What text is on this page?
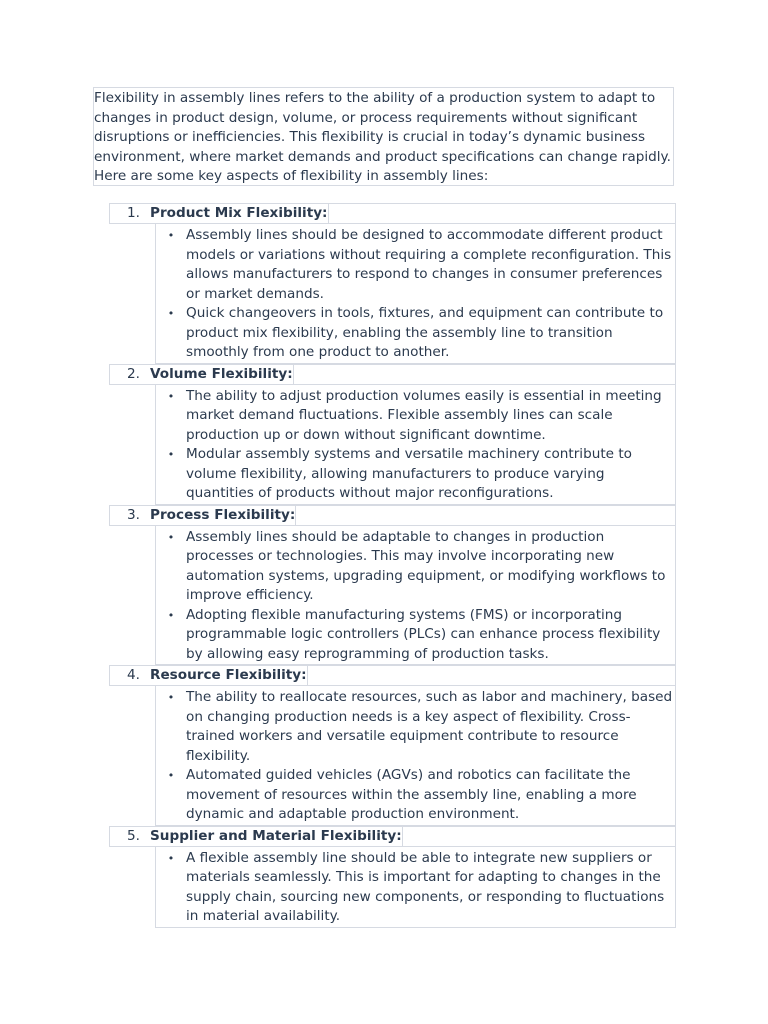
Flexibility in assembly lines refers to the ability of a production system to adapt to changes in product design, volume, or process requirements without significant disruptions or inefficiencies. This flexibility is crucial in today’s dynamic business environment, where market demands and product specifications can change rapidly. Here are some key aspects of flexibility in assembly lines:
1. Product Mix Flexibility:
• Assembly lines should be designed to accommodate different product models or variations without requiring a complete reconfiguration. This allows manufacturers to respond to changes in consumer preferences or market demands.
• Quick changeovers in tools, fixtures, and equipment can contribute to product mix flexibility, enabling the assembly line to transition smoothly from one product to another.
2. Volume Flexibility:
• The ability to adjust production volumes easily is essential in meeting market demand fluctuations. Flexible assembly lines can scale production up or down without significant downtime.
• Modular assembly systems and versatile machinery contribute to volume flexibility, allowing manufacturers to produce varying quantities of products without major reconfigurations.
3. Process Flexibility:
• Assembly lines should be adaptable to changes in production processes or technologies. This may involve incorporating new automation systems, upgrading equipment, or modifying workflows to improve efficiency.
• Adopting flexible manufacturing systems (FMS) or incorporating programmable logic controllers (PLCs) can enhance process flexibility by allowing easy reprogramming of production tasks.
4. Resource Flexibility:
• The ability to reallocate resources, such as labor and machinery, based on changing production needs is a key aspect of flexibility. Cross-trained workers and versatile equipment contribute to resource flexibility.
• Automated guided vehicles (AGVs) and robotics can facilitate the movement of resources within the assembly line, enabling a more dynamic and adaptable production environment.
5. Supplier and Material Flexibility:
• A flexible assembly line should be able to integrate new suppliers or materials seamlessly. This is important for adapting to changes in the supply chain, sourcing new components, or responding to fluctuations in material availability.
